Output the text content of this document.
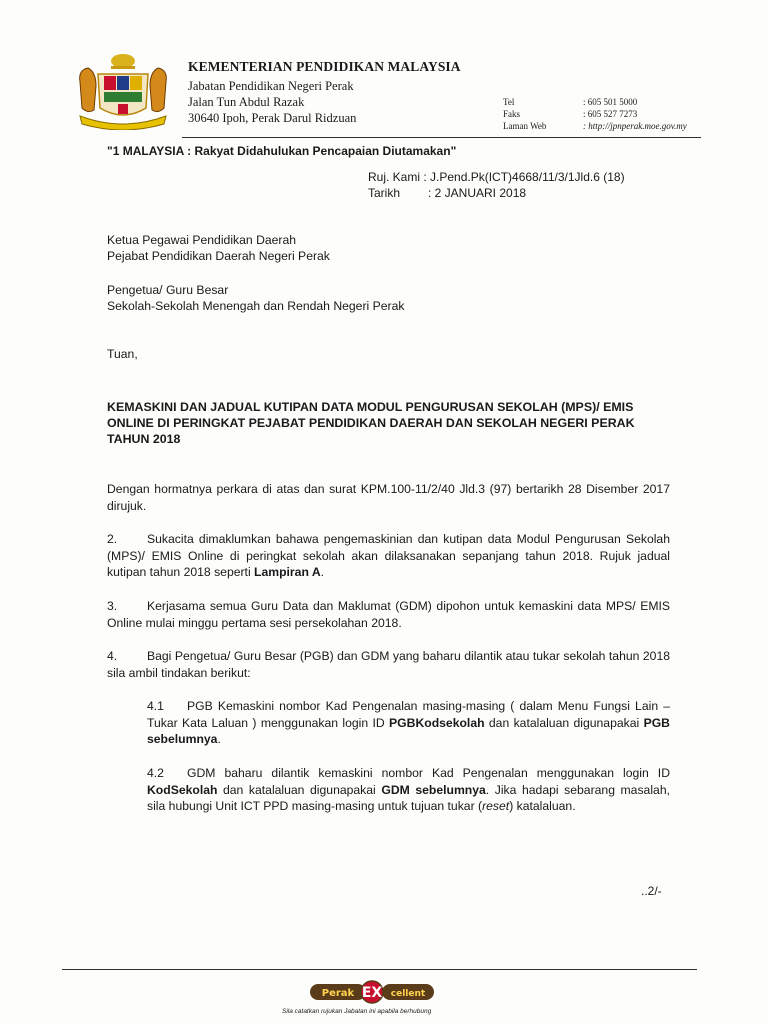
KEMENTERIAN PENDIDIKAN MALAYSIA
Jabatan Pendidikan Negeri Perak
Jalan Tun Abdul Razak
30640 Ipoh, Perak Darul Ridzuan
Tel	: 605 501 5000
Faks	: 605 527 7273
Laman Web	: http://jpnperak.moe.gov.my
"1 MALAYSIA : Rakyat Didahulukan Pencapaian Diutamakan"
Ruj. Kami : J.Pend.Pk(ICT)4668/11/3/1Jld.6 (18)
Tarikh : 2 JANUARI 2018
Ketua Pegawai Pendidikan Daerah
Pejabat Pendidikan Daerah Negeri Perak
Pengetua/ Guru Besar
Sekolah-Sekolah Menengah dan Rendah Negeri Perak
Tuan,
KEMASKINI DAN JADUAL KUTIPAN DATA MODUL PENGURUSAN SEKOLAH (MPS)/ EMIS ONLINE DI PERINGKAT PEJABAT PENDIDIKAN DAERAH DAN SEKOLAH NEGERI PERAK TAHUN 2018
Dengan hormatnya perkara di atas dan surat KPM.100-11/2/40 Jld.3 (97) bertarikh 28 Disember 2017 dirujuk.
2. Sukacita dimaklumkan bahawa pengemaskinian dan kutipan data Modul Pengurusan Sekolah (MPS)/ EMIS Online di peringkat sekolah akan dilaksanakan sepanjang tahun 2018. Rujuk jadual kutipan tahun 2018 seperti Lampiran A.
3. Kerjasama semua Guru Data dan Maklumat (GDM) dipohon untuk kemaskini data MPS/ EMIS Online mulai minggu pertama sesi persekolahan 2018.
4. Bagi Pengetua/ Guru Besar (PGB) dan GDM yang baharu dilantik atau tukar sekolah tahun 2018 sila ambil tindakan berikut:
4.1 PGB Kemaskini nombor Kad Pengenalan masing-masing ( dalam Menu Fungsi Lain – Tukar Kata Laluan ) menggunakan login ID PGBKodsekolah dan katalaluan digunapakai PGB sebelumnya.
4.2 GDM baharu dilantik kemaskini nombor Kad Pengenalan menggunakan login ID KodSekolah dan katalaluan digunapakai GDM sebelumnya. Jika hadapi sebarang masalah, sila hubungi Unit ICT PPD masing-masing untuk tujuan tukar (reset) katalaluan.
..2/-
Perak EX cellent
Sila catatkan rujukan Jabatan ini apabila berhubung
